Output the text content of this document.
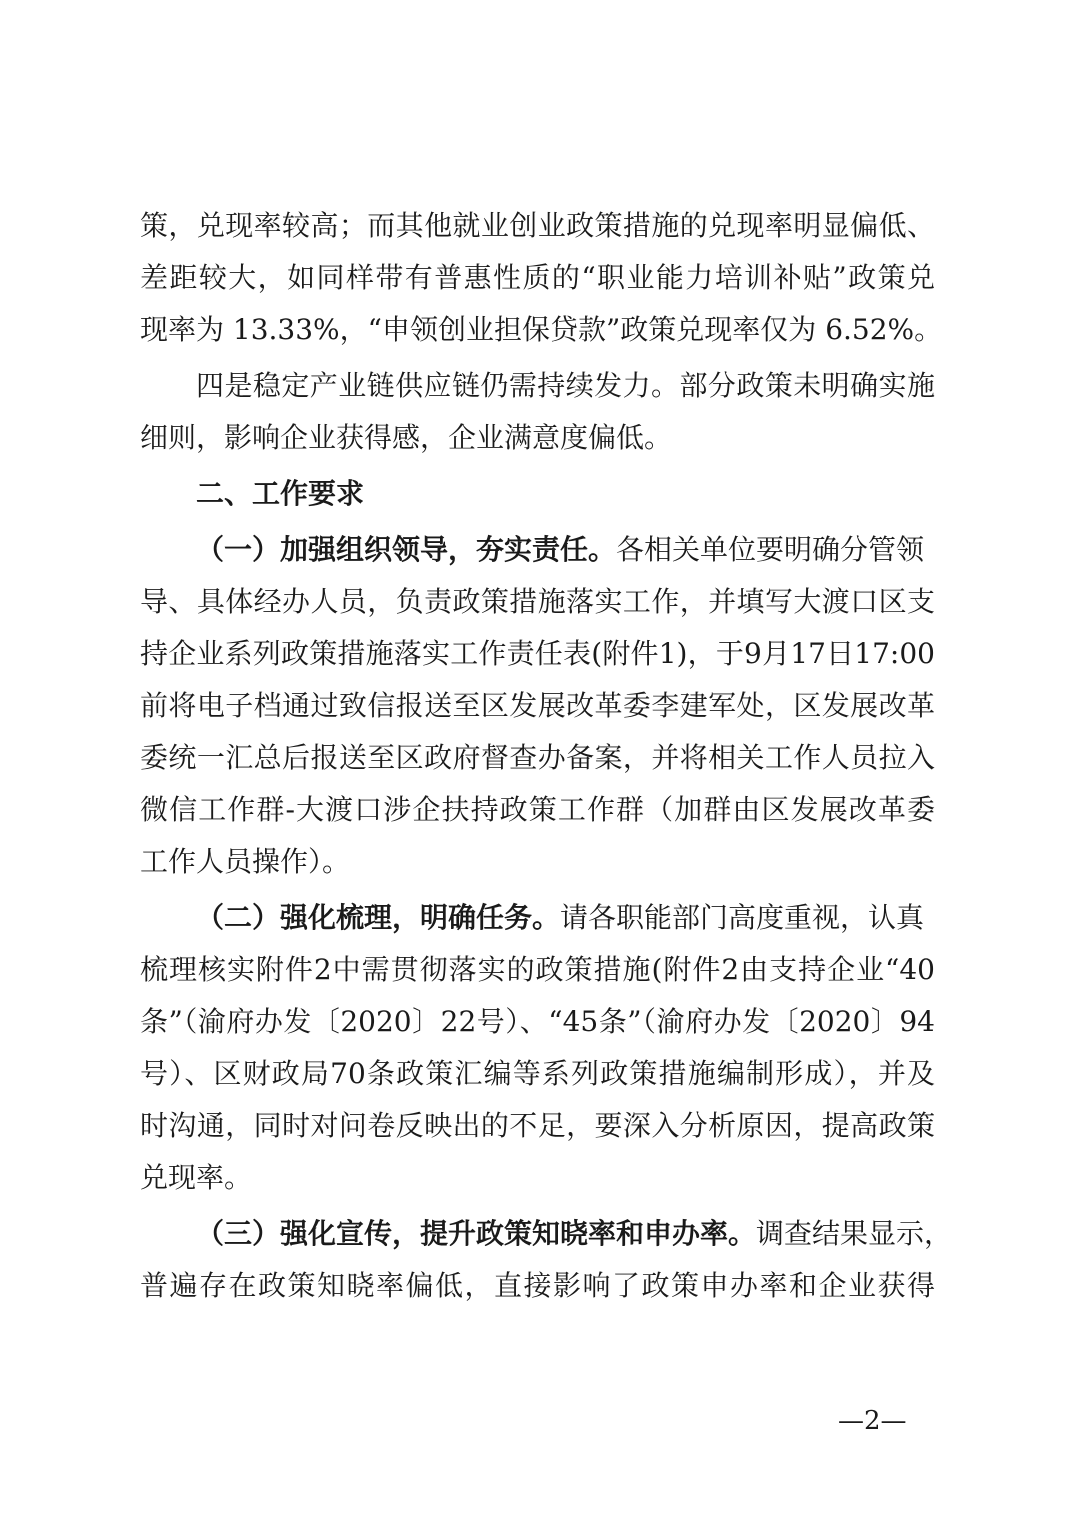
策，兑现率较高；而其他就业创业政策措施的兑现率明显偏低、
差距较大，如同样带有普惠性质的“职业能力培训补贴”政策兑
现率为 13.33%，“申领创业担保贷款”政策兑现率仅为 6.52%。
四是稳定产业链供应链仍需持续发力。部分政策未明确实施
细则，影响企业获得感，企业满意度偏低。
二、工作要求
（一）加强组织领导，夯实责任。各相关单位要明确分管领
导、具体经办人员，负责政策措施落实工作，并填写大渡口区支
持企业系列政策措施落实工作责任表(附件1)，于9月17日17:00
前将电子档通过致信报送至区发展改革委李建军处，区发展改革
委统一汇总后报送至区政府督查办备案，并将相关工作人员拉入
微信工作群-大渡口涉企扶持政策工作群（加群由区发展改革委
工作人员操作）。
（二）强化梳理，明确任务。请各职能部门高度重视，认真
梳理核实附件2中需贯彻落实的政策措施(附件2由支持企业“40
条”（渝府办发〔2020〕22号）、“45条”（渝府办发〔2020〕94
号）、区财政局70条政策汇编等系列政策措施编制形成），并及
时沟通，同时对问卷反映出的不足，要深入分析原因，提高政策
兑现率。
（三）强化宣传，提升政策知晓率和申办率。调查结果显示，
普遍存在政策知晓率偏低，直接影响了政策申办率和企业获得
—2—
